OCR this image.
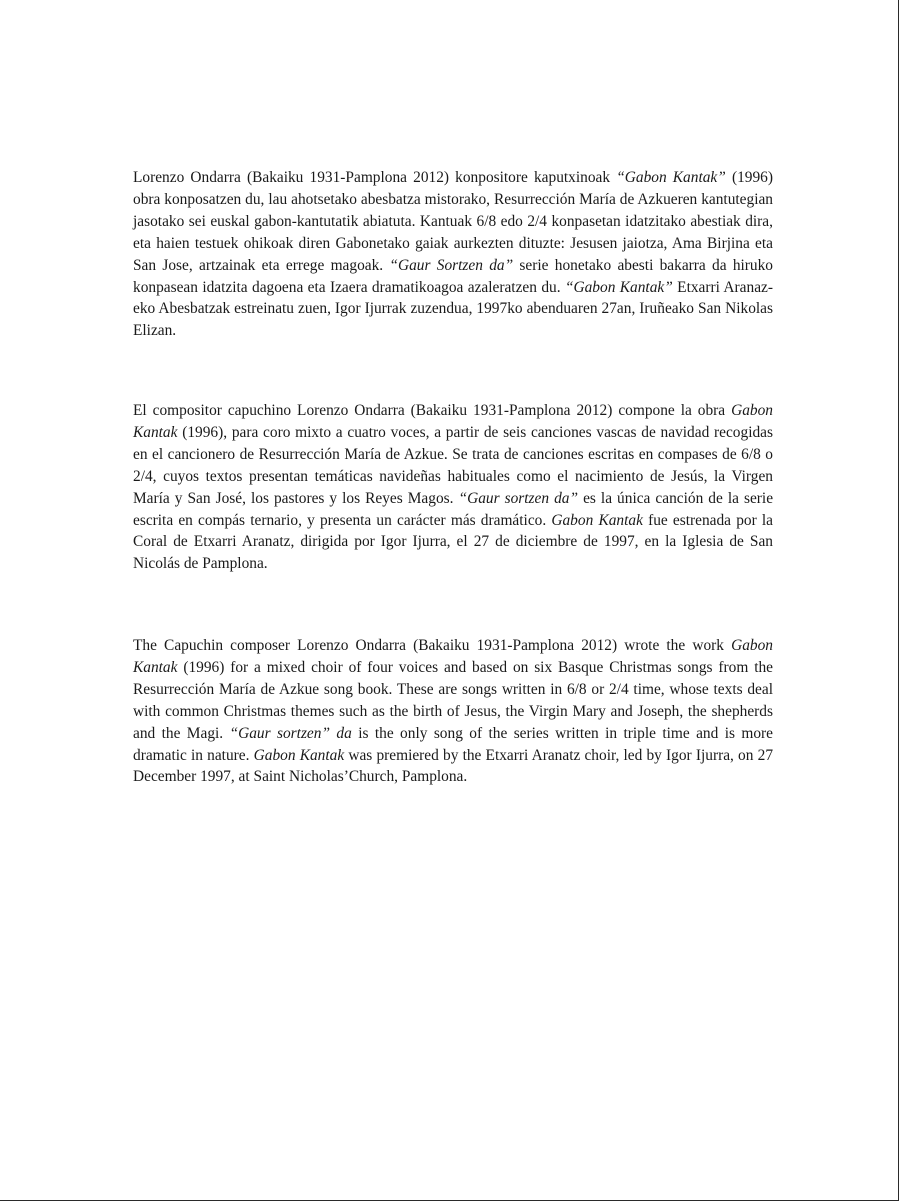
Lorenzo Ondarra (Bakaiku 1931-Pamplona 2012) konpositore kaputxinoak “Gabon Kantak” (1996) obra konposatzen du, lau ahotsetako abesbatza mistorako, Resurrección María de Azkueren kantutegian jasotako sei euskal gabon-kantutatik abiatuta. Kantuak 6/8 edo 2/4 konpasetan idatzitako abestiak dira, eta haien testuek ohikoak diren Gabonetako gaiak aurkezten dituzte: Jesusen jaiotza, Ama Birjina eta San Jose, artzainak eta errege magoak. “Gaur Sortzen da” serie honetako abesti bakarra da hiruko konpasean idatzita dagoena eta Izaera dramatikoagoa azaleratzen du. “Gabon Kantak” Etxarri Aranaz-eko Abesbatzak estreinatu zuen, Igor Ijurrak zuzendua, 1997ko abenduaren 27an, Iruñeako San Nikolas Elizan.

El compositor capuchino Lorenzo Ondarra (Bakaiku 1931-Pamplona 2012) compone la obra Gabon Kantak (1996), para coro mixto a cuatro voces, a partir de seis canciones vascas de navidad recogidas en el cancionero de Resurrección María de Azkue. Se trata de canciones escritas en compases de 6/8 o 2/4, cuyos textos presentan temáticas navideñas habituales como el nacimiento de Jesús, la Virgen María y San José, los pastores y los Reyes Magos. “Gaur sortzen da” es la única canción de la serie escrita en compás ternario, y presenta un carácter más dramático. Gabon Kantak fue estrenada por la Coral de Etxarri Aranatz, dirigida por Igor Ijurra, el 27 de diciembre de 1997, en la Iglesia de San Nicolás de Pamplona.

The Capuchin composer Lorenzo Ondarra (Bakaiku 1931-Pamplona 2012) wrote the work Gabon Kantak (1996) for a mixed choir of four voices and based on six Basque Christmas songs from the Resurrección María de Azkue song book. These are songs written in 6/8 or 2/4 time, whose texts deal with common Christmas themes such as the birth of Jesus, the Virgin Mary and Joseph, the shepherds and the Magi. “Gaur sortzen” da is the only song of the series written in triple time and is more dramatic in nature. Gabon Kantak was premiered by the Etxarri Aranatz choir, led by Igor Ijurra, on 27 December 1997, at Saint Nicholas’Church, Pamplona.
